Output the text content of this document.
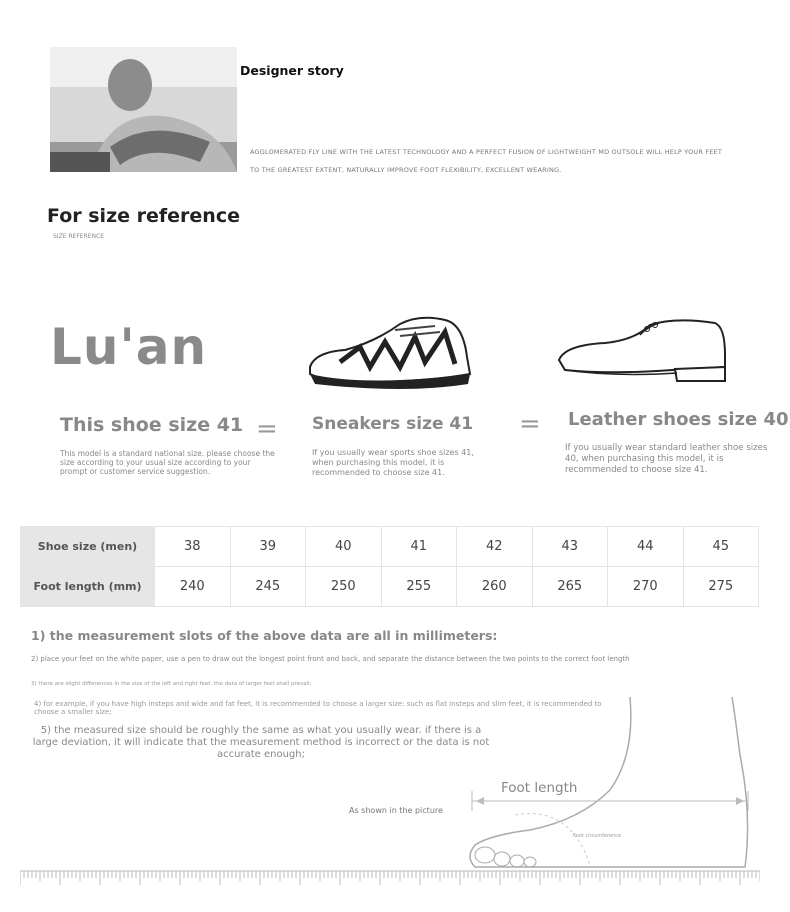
Designer story
AGGLOMERATED FLY LINE WITH THE LATEST TECHNOLOGY AND A PERFECT FUSION OF LIGHTWEIGHT MD OUTSOLE WILL HELP YOUR FEET
TO THE GREATEST EXTENT, NATURALLY IMPROVE FOOT FLEXIBILITY, EXCELLENT WEARING.
For size reference
SIZE REFERENCE
Lu'an
This shoe size 41
This model is a standard national size. please choose the size according to your usual size according to your prompt or customer service suggestion.
= Sneakers size 41
If you usually wear sports shoe sizes 41, when purchasing this model, it is recommended to choose size 41.
= Leather shoes size 40
If you usually wear standard leather shoe sizes 40, when purchasing this model, it is recommended to choose size 41.
Shoe size (men)	38	39	40	41	42	43	44	45
Foot length (mm)	240	245	250	255	260	265	270	275
1) the measurement slots of the above data are all in millimeters:
2) place your feet on the white paper, use a pen to draw out the longest point front and back, and separate the distance between the two points to the correct foot length
3) there are slight differences in the size of the left and right feet. the data of larger feet shall prevail;
4) for example, if you have high insteps and wide and fat feet, it is recommended to choose a larger size: such as flat insteps and slim feet, it is recommended to choose a smaller size;
5) the measured size should be roughly the same as what you usually wear. if there is a large deviation, it will indicate that the measurement method is incorrect or the data is not accurate enough;
Foot length
As shown in the picture
Foot circumference
